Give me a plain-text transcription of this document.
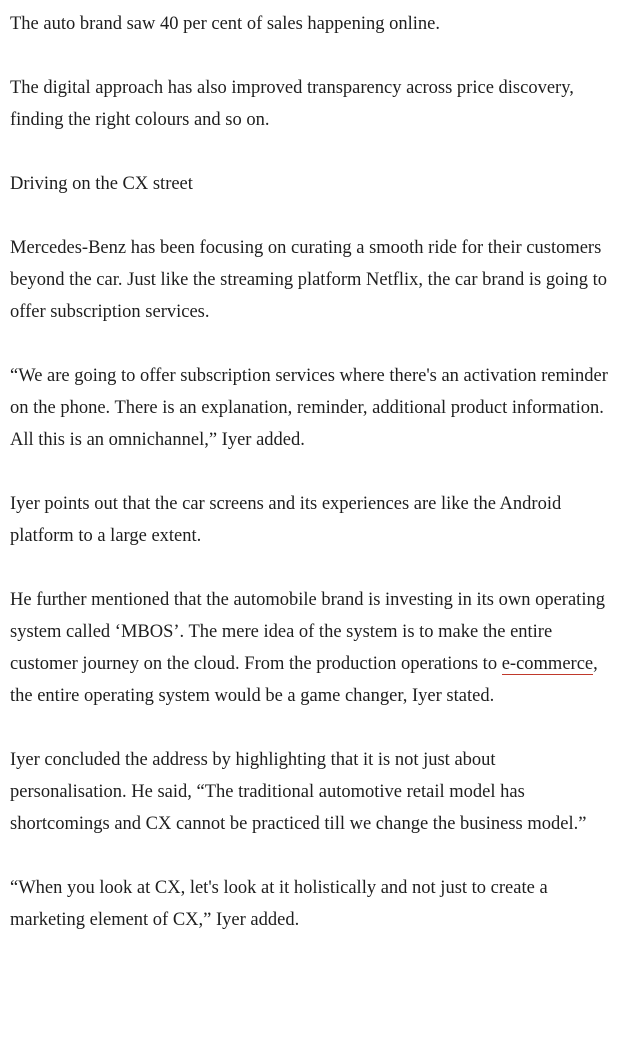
The auto brand saw 40 per cent of sales happening online.

The digital approach has also improved transparency across price discovery, finding the right colours and so on.

Driving on the CX street

Mercedes-Benz has been focusing on curating a smooth ride for their customers beyond the car. Just like the streaming platform Netflix, the car brand is going to offer subscription services.

“We are going to offer subscription services where there's an activation reminder on the phone. There is an explanation, reminder, additional product information. All this is an omnichannel,” Iyer added.

Iyer points out that the car screens and its experiences are like the Android platform to a large extent.

He further mentioned that the automobile brand is investing in its own operating system called ‘MBOS’. The mere idea of the system is to make the entire customer journey on the cloud. From the production operations to e-commerce, the entire operating system would be a game changer, Iyer stated.

Iyer concluded the address by highlighting that it is not just about personalisation. He said, “The traditional automotive retail model has shortcomings and CX cannot be practiced till we change the business model.”

“When you look at CX, let's look at it holistically and not just to create a marketing element of CX,” Iyer added.
